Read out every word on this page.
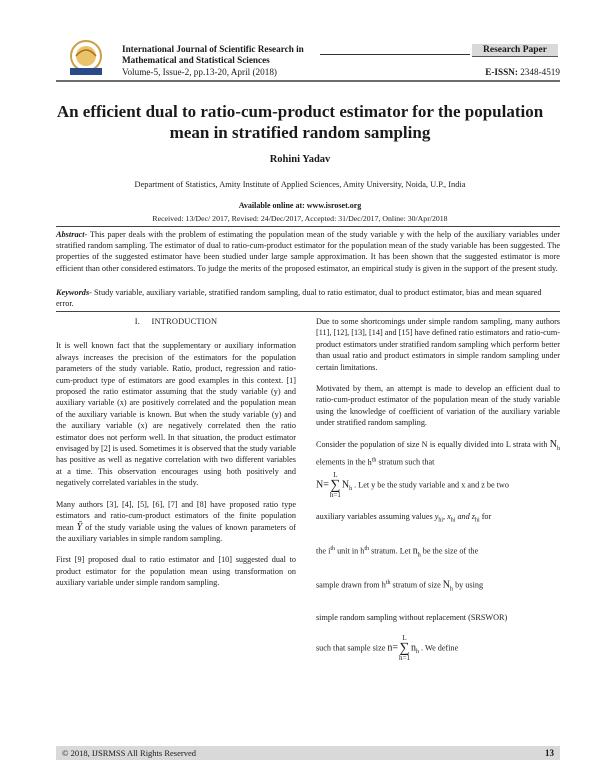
International Journal of Scientific Research in Mathematical and Statistical Sciences
Volume-5, Issue-2, pp.13-20, April (2018)
Research Paper
E-ISSN: 2348-4519
An efficient dual to ratio-cum-product estimator for the population mean in stratified random sampling
Rohini Yadav
Department of Statistics, Amity Institute of Applied Sciences, Amity University, Noida, U.P., India
Available online at: www.isroset.org
Received: 13/Dec/ 2017, Revised: 24/Dec/2017, Accepted: 31/Dec/2017, Online: 30/Apr/2018
Abstract- This paper deals with the problem of estimating the population mean of the study variable y with the help of the auxiliary variables under stratified random sampling. The estimator of dual to ratio-cum-product estimator for the population mean of the study variable has been suggested. The properties of the suggested estimator have been studied under large sample approximation. It has been shown that the suggested estimator is more efficient than other considered estimators. To judge the merits of the proposed estimator, an empirical study is given in the support of the present study.
Keywords- Study variable, auxiliary variable, stratified random sampling, dual to ratio estimator, dual to product estimator, bias and mean squared error.
I.     INTRODUCTION

It is well known fact that the supplementary or auxiliary information always increases the precision of the estimators for the population parameters of the study variable. Ratio, product, regression and ratio-cum-product type of estimators are good examples in this context. [1] proposed the ratio estimator assuming that the study variable (y) and auxiliary variable (x) are positively correlated and the population mean of the auxiliary variable is known. But when the study variable (y) and the auxiliary variable (x) are negatively correlated then the ratio estimator does not perform well. In that situation, the product estimator envisaged by [2] is used. Sometimes it is observed that the study variable has positive as well as negative correlation with two different variables at a time. This observation encourages using both positively and negatively correlated variables in the study.

Many authors [3], [4], [5], [6], [7] and [8] have proposed ratio type estimators and ratio-cum-product estimators of the finite population mean Ȳ of the study variable using the values of known parameters of the auxiliary variables in simple random sampling.

First [9] proposed dual to ratio estimator and [10] suggested dual to product estimator for the population mean using transformation on auxiliary variable under simple random sampling.

Due to some shortcomings under simple random sampling, many authors [11], [12], [13], [14] and [15] have defined ratio estimators and ratio-cum-product estimators under stratified random sampling which perform better than usual ratio and product estimators in simple random sampling under certain limitations.

Motivated by them, an attempt is made to develop an efficient dual to ratio-cum-product estimator of the population mean of the study variable using the knowledge of coefficient of variation of the auxiliary variable under stratified random sampling.

Consider the population of size N is equally divided into L strata with $N_h$ elements in the $h^{th}$ stratum such that

N=L
∑
$h=1N_h$ . Let y be the study variable and x and z be two
auxiliary variables assuming values $y_{hi}$, $x_{hi}$ and $z_{hi}$ for
the $i^{th}$ unit in $h^{th}$ stratum. Let $n_h$ be the size of the
sample drawn from $h^{th}$ stratum of size $N_h$ by using
simple random sampling without replacement (SRSWOR)
such that sample size n=L
∑
$h=1n_h$ . We define
© 2018, IJSRMSS All Rights Reserved	13
